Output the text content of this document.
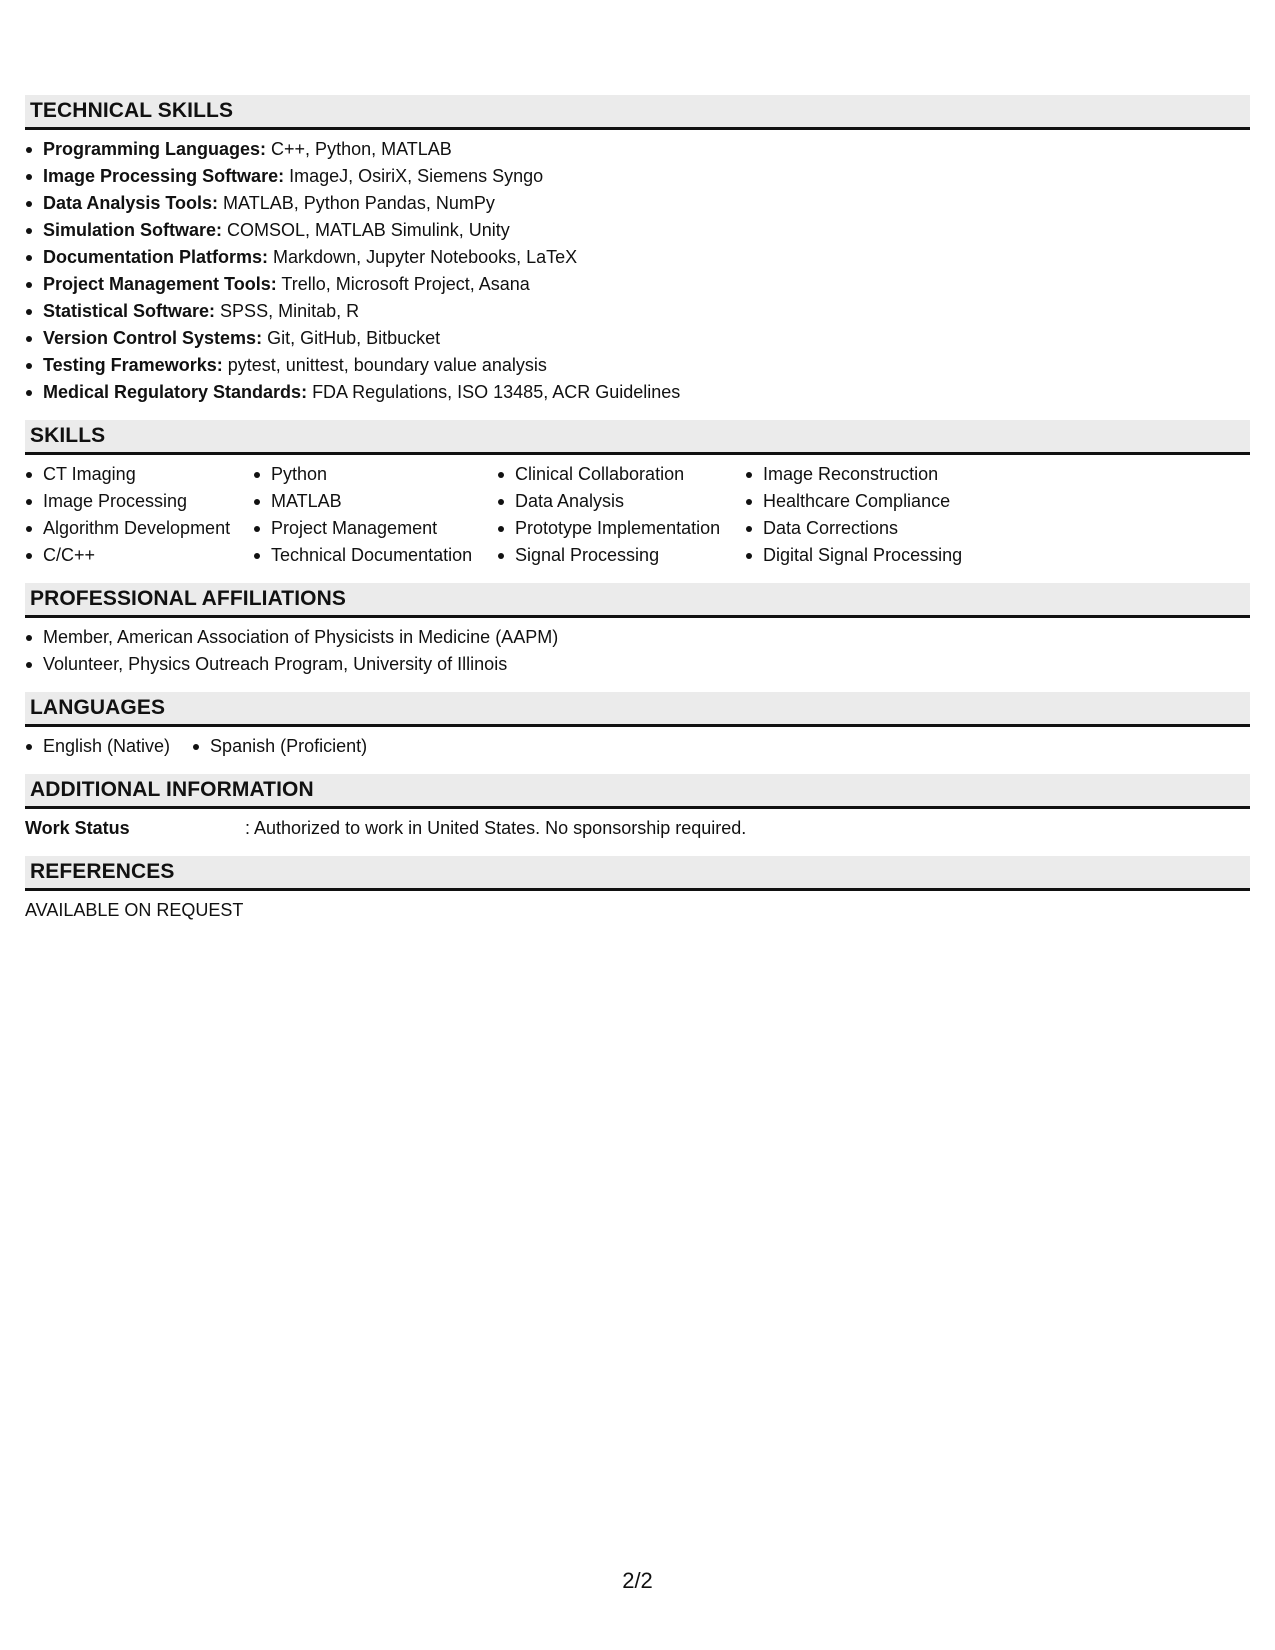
TECHNICAL SKILLS
Programming Languages: C++, Python, MATLAB
Image Processing Software: ImageJ, OsiriX, Siemens Syngo
Data Analysis Tools: MATLAB, Python Pandas, NumPy
Simulation Software: COMSOL, MATLAB Simulink, Unity
Documentation Platforms: Markdown, Jupyter Notebooks, LaTeX
Project Management Tools: Trello, Microsoft Project, Asana
Statistical Software: SPSS, Minitab, R
Version Control Systems: Git, GitHub, Bitbucket
Testing Frameworks: pytest, unittest, boundary value analysis
Medical Regulatory Standards: FDA Regulations, ISO 13485, ACR Guidelines
SKILLS
CT Imaging
Image Processing
Algorithm Development
C/C++
Python
MATLAB
Project Management
Technical Documentation
Clinical Collaboration
Data Analysis
Prototype Implementation
Signal Processing
Image Reconstruction
Healthcare Compliance
Data Corrections
Digital Signal Processing
PROFESSIONAL AFFILIATIONS
Member, American Association of Physicists in Medicine (AAPM)
Volunteer, Physics Outreach Program, University of Illinois
LANGUAGES
English (Native)	Spanish (Proficient)
ADDITIONAL INFORMATION
Work Status	: Authorized to work in United States. No sponsorship required.
REFERENCES
AVAILABLE ON REQUEST
2/2
